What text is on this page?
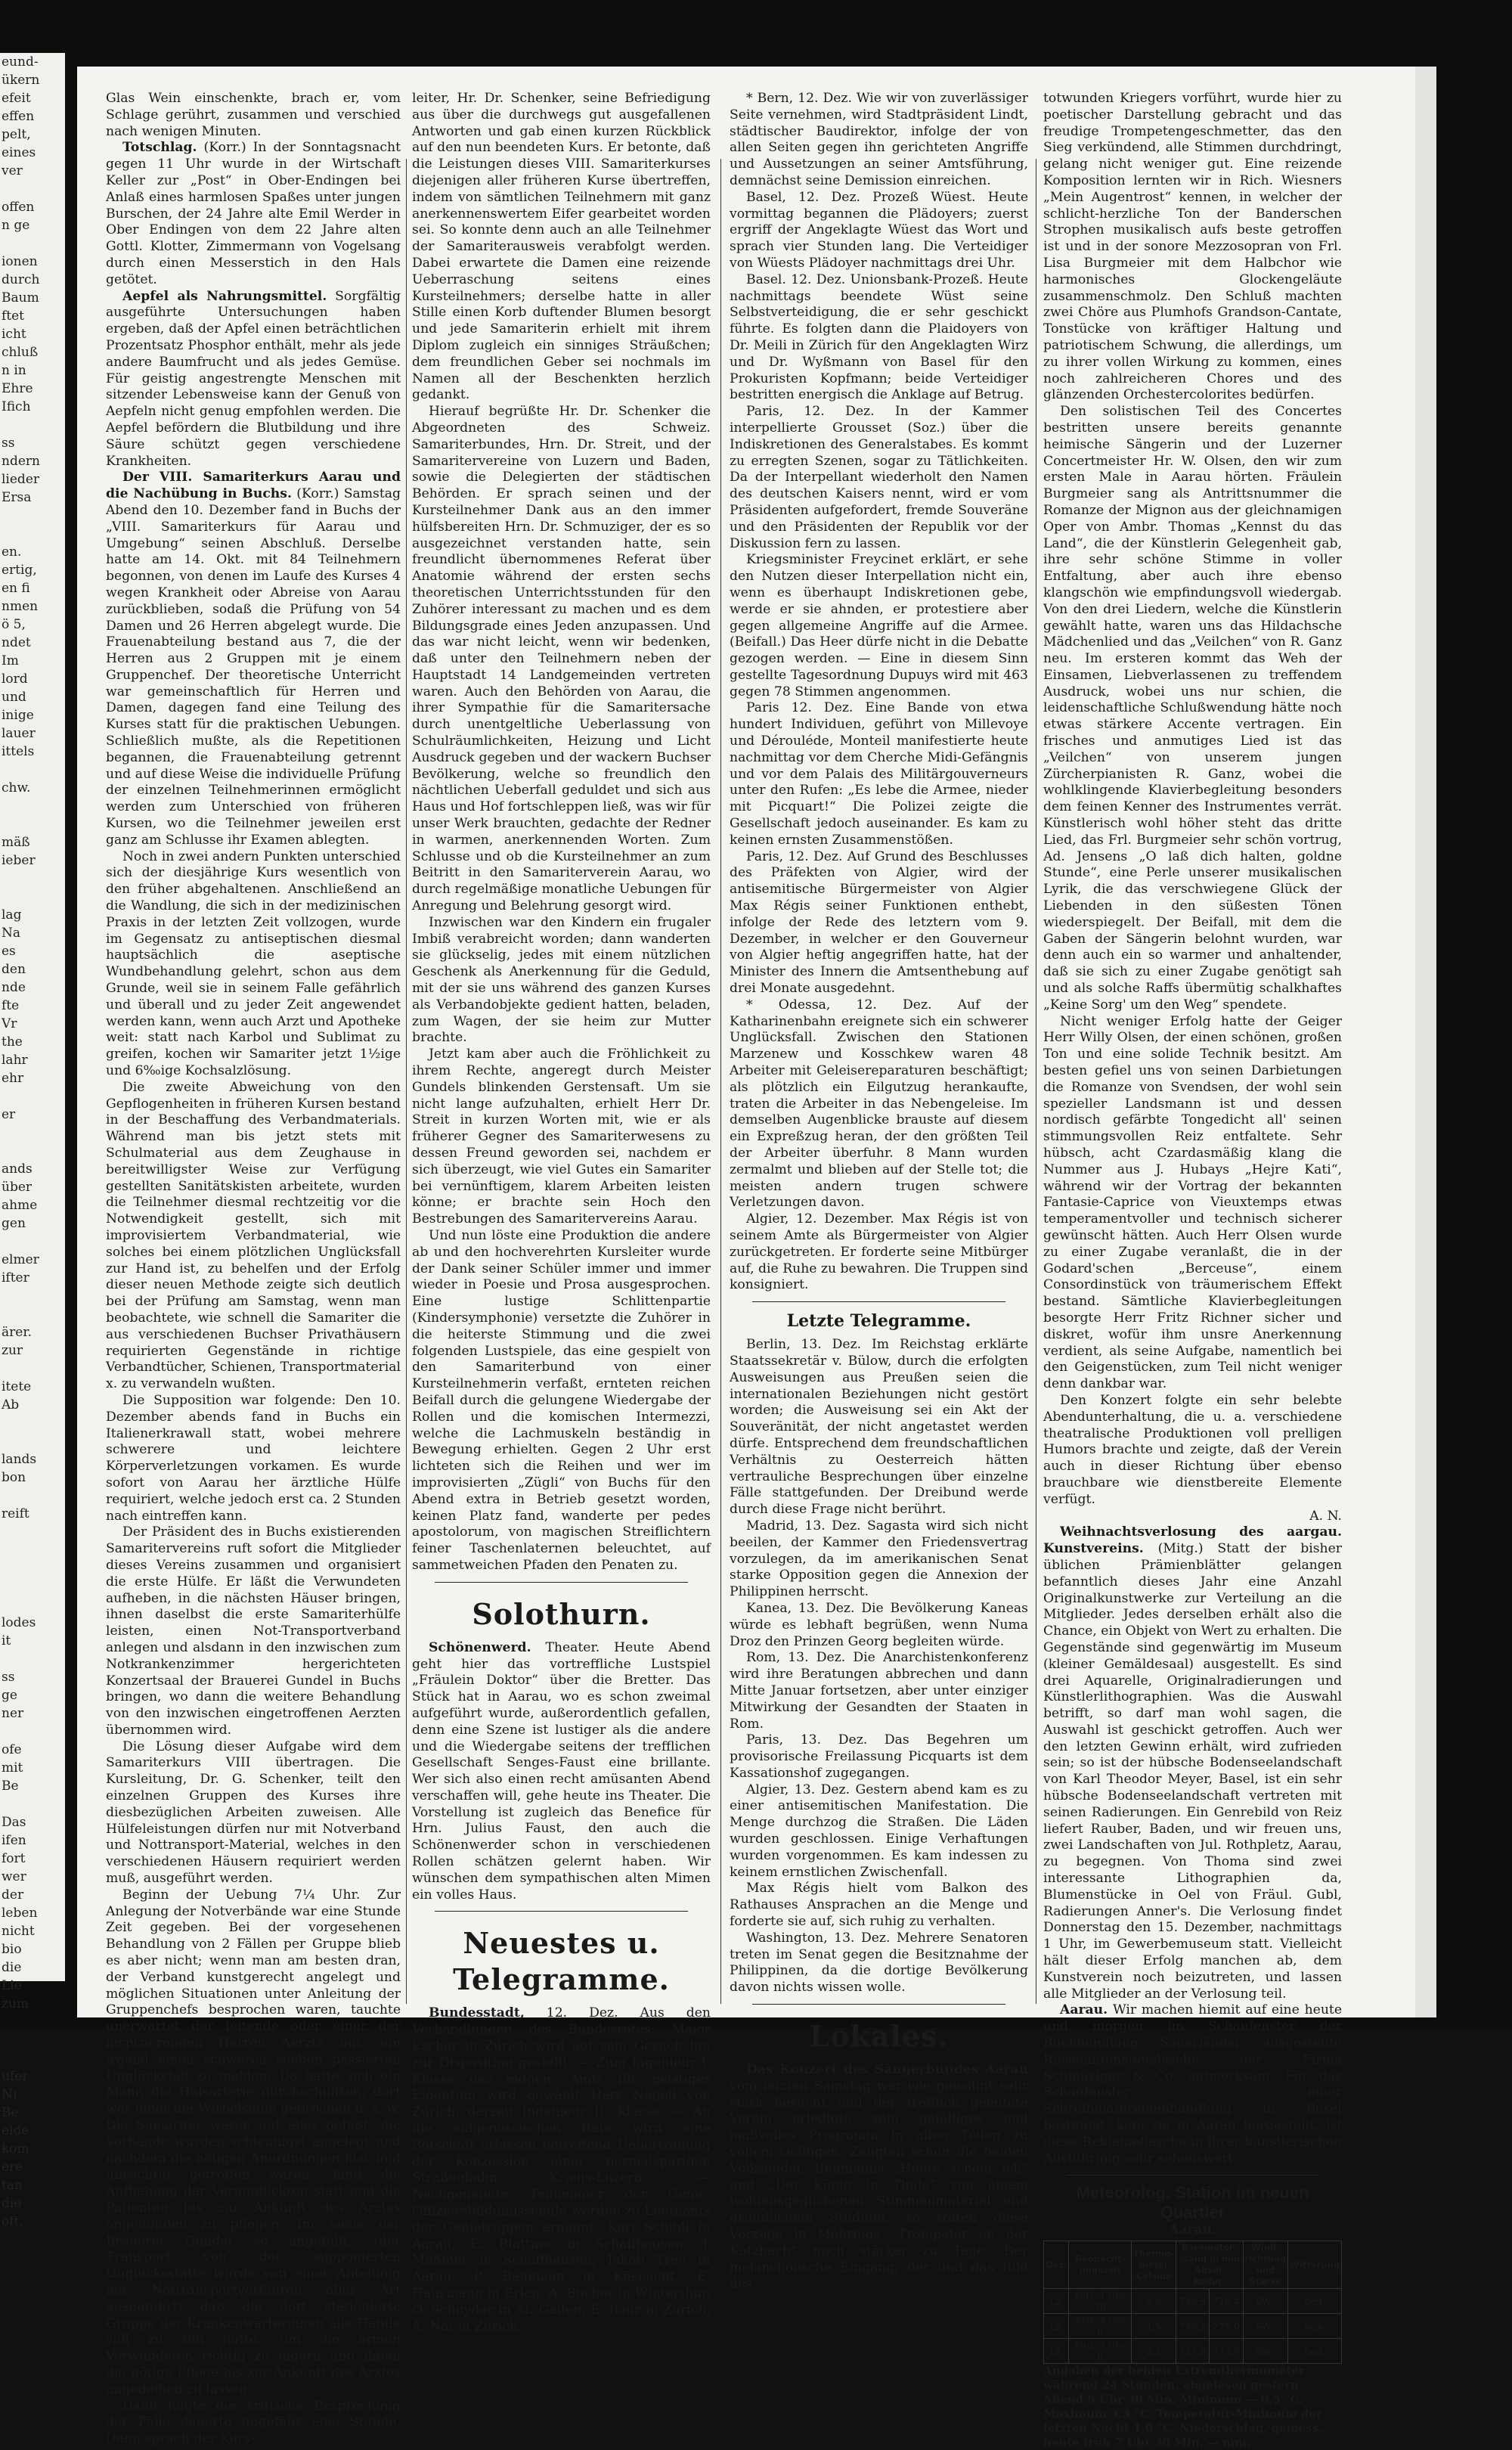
eund-
ükern
efeit
effen
pelt,
eines
ver

offen
n ge

ionen
durch
Baum
ftet
icht
chluß
n in
Ehre
Ifich

ss
ndern
lieder
Ersa

en.
ertig,
en fi
nmen
ö 5,
ndet
Im
lord
und
inige
lauer
ittels

chw.

mäß
ieber

lag
Na
es
den
nde
fte
Vr
the
lahr
ehr

er

ands
über
ahme
gen

elmer
ifter

ärer.
zur

itete
Ab

lands
bon

reift

lodes
it

ss
ge
ner

ofe
mit
Be

Das
ifen
fort
wer
der
leben
nicht
bio
die
Lie
zum

ufer
Ni
Be
elde
kom
ere
tan
die
oft,

Glas Wein einschenkte, brach er, vom Schlage gerührt, zusammen und verschied nach wenigen Minuten.

Totschlag. (Korr.) In der Sonntagsnacht gegen 11 Uhr wurde in der Wirtschaft Keller zur „Post“ in Ober-Endingen bei Anlaß eines harmlosen Spaßes unter jungen Burschen, der 24 Jahre alte Emil Werder in Ober Endingen von dem 22 Jahre alten Gottl. Klotter, Zimmermann von Vogelsang durch einen Messerstich in den Hals getötet.

Aepfel als Nahrungsmittel. Sorgfältig ausgeführte Untersuchungen haben ergeben, daß der Apfel einen beträchtlichen Prozentsatz Phosphor enthält, mehr als jede andere Baumfrucht und als jedes Gemüse. Für geistig angestrengte Menschen mit sitzender Lebensweise kann der Genuß von Aepfeln nicht genug empfohlen werden. Die Aepfel befördern die Blutbildung und ihre Säure schützt gegen verschiedene Krankheiten.

Der VIII. Samariterkurs Aarau und die Nachübung in Buchs. (Korr.) Samstag Abend den 10. Dezember fand in Buchs der „VIII. Samariterkurs für Aarau und Umgebung“ seinen Abschluß. Derselbe hatte am 14. Okt. mit 84 Teilnehmern begonnen, von denen im Laufe des Kurses 4 wegen Krankheit oder Abreise von Aarau zurückblieben, sodaß die Prüfung von 54 Damen und 26 Herren abgelegt wurde. Die Frauenabteilung bestand aus 7, die der Herren aus 2 Gruppen mit je einem Gruppenchef. Der theoretische Unterricht war gemeinschaftlich für Herren und Damen, dagegen fand eine Teilung des Kurses statt für die praktischen Uebungen. Schließlich mußte, als die Repetitionen begannen, die Frauenabteilung getrennt und auf diese Weise die individuelle Prüfung der einzelnen Teilnehmerinnen ermöglicht werden zum Unterschied von früheren Kursen, wo die Teilnehmer jeweilen erst ganz am Schlusse ihr Examen ablegten.

Noch in zwei andern Punkten unterschied sich der diesjährige Kurs wesentlich von den früher abgehaltenen. Anschließend an die Wandlung, die sich in der medizinischen Praxis in der letzten Zeit vollzogen, wurde im Gegensatz zu antiseptischen diesmal hauptsächlich die aseptische Wundbehandlung gelehrt, schon aus dem Grunde, weil sie in seinem Falle gefährlich und überall und zu jeder Zeit angewendet werden kann, wenn auch Arzt und Apotheke weit: statt nach Karbol und Sublimat zu greifen, kochen wir Samariter jetzt 1½ige und 6‰ige Kochsalzlösung.

Die zweite Abweichung von den Gepflogenheiten in früheren Kursen bestand in der Beschaffung des Verbandmaterials. Während man bis jetzt stets mit Schulmaterial aus dem Zeughause in bereitwilligster Weise zur Verfügung gestellten Sanitätskisten arbeitete, wurden die Teilnehmer diesmal rechtzeitig vor die Notwendigkeit gestellt, sich mit improvisiertem Verbandmaterial, wie solches bei einem plötzlichen Unglücksfall zur Hand ist, zu behelfen und der Erfolg dieser neuen Methode zeigte sich deutlich bei der Prüfung am Samstag, wenn man beobachtete, wie schnell die Samariter die aus verschiedenen Buchser Privathäusern requirierten Gegenstände in richtige Verbandtücher, Schienen, Transportmaterial x. zu verwandeln wußten.

Die Supposition war folgende: Den 10. Dezember abends fand in Buchs ein Italienerkrawall statt, wobei mehrere schwerere und leichtere Körperverletzungen vorkamen. Es wurde sofort von Aarau her ärztliche Hülfe requiriert, welche jedoch erst ca. 2 Stunden nach eintreffen kann.

Der Präsident des in Buchs existierenden Samaritervereins ruft sofort die Mitglieder dieses Vereins zusammen und organisiert die erste Hülfe. Er läßt die Verwundeten aufheben, in die nächsten Häuser bringen, ihnen daselbst die erste Samariterhülfe leisten, einen Not-Transportverband anlegen und alsdann in den inzwischen zum Notkrankenzimmer hergerichteten Konzertsaal der Brauerei Gundel in Buchs bringen, wo dann die weitere Behandlung von den inzwischen eingetroffenen Aerzten übernommen wird.

Die Lösung dieser Aufgabe wird dem Samariterkurs VIII übertragen. Die Kursleitung, Dr. G. Schenker, teilt den einzelnen Gruppen des Kurses ihre diesbezüglichen Arbeiten zuweisen. Alle Hülfeleistungen dürfen nur mit Notverband und Nottransport-Material, welches in den verschiedenen Häusern requiriert werden muß, ausgeführt werden.

Beginn der Uebung 7¼ Uhr. Zur Anlegung der Notverbände war eine Stunde Zeit gegeben. Bei der vorgesehenen Behandlung von 2 Fällen per Gruppe blieb es aber nicht; wenn man am besten dran, der Verband kunstgerecht angelegt und möglichen Situationen unter Anleitung der Gruppenchefs besprochen waren, tauchte unerwartet der leitende oder einer der inspizierenden Herren Aerzte auf, um irgend einen schweren soeben passierten Unglücksfall zu melden: Da hatte sich ein Mann die Halsarterie durchschnitten, dort war einer die Wirbelsäule gebrochen u. s. w. Die Samariter waren auf alles gefaßt, die Verbände wurden schleunigst angelegt und nachdem die nötigen Anordnungen klar und umsichtig getroffen waren, fand die Aufhebung der Verunglückten statt und die Patienten bis zur Ankunft des Arztes angebunden zu pflegen. Im Saale der Brauerei Gundel so angefüllt, (der Transport von der supponierten Unglücksstätte wurde von einer Abteilung mit Nottransportverfahren aller Art ausgeführt) daß die dort stationierte Gruppe der Krankenwärterinnen alle Hände voll zu tun hatte, um die armen Verwundeten richtig zu lagern und ihnen die nötige Pflege bis zur Ankunft des Arztes angedeihen zu lassen.

Dann folgte die kritische Besprechung der Fälle dauerte ungefähr eine Stunde. Dann sprach der Kurs-

leiter, Hr. Dr. Schenker, seine Befriedigung aus über die durchwegs gut ausgefallenen Antworten und gab einen kurzen Rückblick auf den nun beendeten Kurs. Er betonte, daß die Leistungen dieses VIII. Samariterkurses diejenigen aller früheren Kurse übertreffen, indem von sämtlichen Teilnehmern mit ganz anerkennenswertem Eifer gearbeitet worden sei. So konnte denn auch an alle Teilnehmer der Samariterausweis verabfolgt werden. Dabei erwartete die Damen eine reizende Ueberraschung seitens eines Kursteilnehmers; derselbe hatte in aller Stille einen Korb duftender Blumen besorgt und jede Samariterin erhielt mit ihrem Diplom zugleich ein sinniges Sträußchen; dem freundlichen Geber sei nochmals im Namen all der Beschenkten herzlich gedankt.

Hierauf begrüßte Hr. Dr. Schenker die Abgeordneten des Schweiz. Samariterbundes, Hrn. Dr. Streit, und der Samaritervereine von Luzern und Baden, sowie die Delegierten der städtischen Behörden. Er sprach seinen und der Kursteilnehmer Dank aus an den immer hülfsbereiten Hrn. Dr. Schmuziger, der es so ausgezeichnet verstanden hatte, sein freundlicht übernommenes Referat über Anatomie während der ersten sechs theoretischen Unterrichtsstunden für den Zuhörer interessant zu machen und es dem Bildungsgrade eines Jeden anzupassen. Und das war nicht leicht, wenn wir bedenken, daß unter den Teilnehmern neben der Hauptstadt 14 Landgemeinden vertreten waren. Auch den Behörden von Aarau, die ihrer Sympathie für die Samaritersache durch unentgeltliche Ueberlassung von Schulräumlichkeiten, Heizung und Licht Ausdruck gegeben und der wackern Buchser Bevölkerung, welche so freundlich den nächtlichen Ueberfall geduldet und sich aus Haus und Hof fortschleppen ließ, was wir für unser Werk brauchten, gedachte der Redner in warmen, anerkennenden Worten. Zum Schlusse und ob die Kursteilnehmer an zum Beitritt in den Samariterverein Aarau, wo durch regelmäßige monatliche Uebungen für Anregung und Belehrung gesorgt wird.

Inzwischen war den Kindern ein frugaler Imbiß verabreicht worden; dann wanderten sie glückselig, jedes mit einem nützlichen Geschenk als Anerkennung für die Geduld, mit der sie uns während des ganzen Kurses als Verbandobjekte gedient hatten, beladen, zum Wagen, der sie heim zur Mutter brachte.

Jetzt kam aber auch die Fröhlichkeit zu ihrem Rechte, angeregt durch Meister Gundels blinkenden Gerstensaft. Um sie nicht lange aufzuhalten, erhielt Herr Dr. Streit in kurzen Worten mit, wie er als früherer Gegner des Samariterwesens zu dessen Freund geworden sei, nachdem er sich überzeugt, wie viel Gutes ein Samariter bei vernünftigem, klarem Arbeiten leisten könne; er brachte sein Hoch den Bestrebungen des Samaritervereins Aarau.

Und nun löste eine Produktion die andere ab und den hochverehrten Kursleiter wurde der Dank seiner Schüler immer und immer wieder in Poesie und Prosa ausgesprochen. Eine lustige Schlittenpartie (Kindersymphonie) versetzte die Zuhörer in die heiterste Stimmung und die zwei folgenden Lustspiele, das eine gespielt von den Samariterbund von einer Kursteilnehmerin verfaßt, ernteten reichen Beifall durch die gelungene Wiedergabe der Rollen und die komischen Intermezzi, welche die Lachmuskeln beständig in Bewegung erhielten. Gegen 2 Uhr erst lichteten sich die Reihen und wer im improvisierten „Zügli“ von Buchs für den Abend extra in Betrieb gesetzt worden, keinen Platz fand, wanderte per pedes apostolorum, von magischen Streiflichtern feiner Taschenlaternen beleuchtet, auf sammetweichen Pfaden den Penaten zu.

Solothurn.

Schönenwerd. Theater. Heute Abend geht hier das vortreffliche Lustspiel „Fräulein Doktor“ über die Bretter. Das Stück hat in Aarau, wo es schon zweimal aufgeführt wurde, außerordentlich gefallen, denn eine Szene ist lustiger als die andere und die Wiedergabe seitens der trefflichen Gesellschaft Senges-Faust eine brillante. Wer sich also einen recht amüsanten Abend verschaffen will, gehe heute ins Theater. Die Vorstellung ist zugleich das Benefice für Hrn. Julius Faust, den auch die Schönenwerder schon in verschiedenen Rollen schätzen gelernt haben. Wir wünschen dem sympathischen alten Mimen ein volles Haus.

Neuestes u. Telegramme.

Bundesstadt, 12. Dez. Aus den Verhandlungen des Bundesrates. Major Escher in Zürich wird auf sein Gesuch hin zur Disposition gestellt. — Zum Ingenieur I. Klasse des eidgen. Amts für geistiges Eigentum wird gewählt Herr Nägeli von Zürich, derzeit Ingenieur II. Klasse. — An die eidgenössischen Räte wird eine Botschaft erlassen betreffend Uebertragung der Konzession einer normalspurigen Straßenbahn Kriens-Luzern. — Nachgenannte Teilnehmer der Genie-Offiziersbildungsschule werden zu Leutnants der Genietruppen ernannt: Karl Schibli in Aarau, E. Blattner in Schaffhausen, J. Meßmer in Schaffhausen, Jakob Treu in Aarau, P. Baumann in Küsnacht, E. Hausmann in Erlen, A. Bucher in Winterthur, O. Schnyder in St. Gallen, E. Baur in Zürich, A. Näf in Zürich.

* Bern, 12. Dez. Wie wir von zuverlässiger Seite vernehmen, wird Stadtpräsident Lindt, städtischer Baudirektor, infolge der von allen Seiten gegen ihn gerichteten Angriffe und Aussetzungen an seiner Amtsführung, demnächst seine Demission einreichen.

Basel, 12. Dez. Prozeß Wüest. Heute vormittag begannen die Plädoyers; zuerst ergriff der Angeklagte Wüest das Wort und sprach vier Stunden lang. Die Verteidiger von Wüests Plädoyer nachmittags drei Uhr.

Basel. 12. Dez. Unionsbank-Prozeß. Heute nachmittags beendete Wüst seine Selbstverteidigung, die er sehr geschickt führte. Es folgten dann die Plaidoyers von Dr. Meili in Zürich für den Angeklagten Wirz und Dr. Wyßmann von Basel für den Prokuristen Kopfmann; beide Verteidiger bestritten energisch die Anklage auf Betrug.

Paris, 12. Dez. In der Kammer interpellierte Grousset (Soz.) über die Indiskretionen des Generalstabes. Es kommt zu erregten Szenen, sogar zu Tätlichkeiten. Da der Interpellant wiederholt den Namen des deutschen Kaisers nennt, wird er vom Präsidenten aufgefordert, fremde Souveräne und den Präsidenten der Republik vor der Diskussion fern zu lassen.

Kriegsminister Freycinet erklärt, er sehe den Nutzen dieser Interpellation nicht ein, wenn es überhaupt Indiskretionen gebe, werde er sie ahnden, er protestiere aber gegen allgemeine Angriffe auf die Armee. (Beifall.) Das Heer dürfe nicht in die Debatte gezogen werden. — Eine in diesem Sinn gestellte Tagesordnung Dupuys wird mit 463 gegen 78 Stimmen angenommen.

Paris 12. Dez. Eine Bande von etwa hundert Individuen, geführt von Millevoye und Dérouléde, Monteil manifestierte heute nachmittag vor dem Cherche Midi-Gefängnis und vor dem Palais des Militärgouverneurs unter den Rufen: „Es lebe die Armee, nieder mit Picquart!“ Die Polizei zeigte die Gesellschaft jedoch auseinander. Es kam zu keinen ernsten Zusammenstößen.

Paris, 12. Dez. Auf Grund des Beschlusses des Präfekten von Algier, wird der antisemitische Bürgermeister von Algier Max Régis seiner Funktionen enthebt, infolge der Rede des letztern vom 9. Dezember, in welcher er den Gouverneur von Algier heftig angegriffen hatte, hat der Minister des Innern die Amtsenthebung auf drei Monate ausgedehnt.

* Odessa, 12. Dez. Auf der Katharinenbahn ereignete sich ein schwerer Unglücksfall. Zwischen den Stationen Marzenew und Kosschkew waren 48 Arbeiter mit Geleisereparaturen beschäftigt; als plötzlich ein Eilgutzug herankaufte, traten die Arbeiter in das Nebengeleise. Im demselben Augenblicke brauste auf diesem ein Expreßzug heran, der den größten Teil der Arbeiter überfuhr. 8 Mann wurden zermalmt und blieben auf der Stelle tot; die meisten andern trugen schwere Verletzungen davon.

Algier, 12. Dezember. Max Régis ist von seinem Amte als Bürgermeister von Algier zurückgetreten. Er forderte seine Mitbürger auf, die Ruhe zu bewahren. Die Truppen sind konsigniert.

Letzte Telegramme.

Berlin, 13. Dez. Im Reichstag erklärte Staatssekretär v. Bülow, durch die erfolgten Ausweisungen aus Preußen seien die internationalen Beziehungen nicht gestört worden; die Ausweisung sei ein Akt der Souveränität, der nicht angetastet werden dürfe. Entsprechend dem freundschaftlichen Verhältnis zu Oesterreich hätten vertrauliche Besprechungen über einzelne Fälle stattgefunden. Der Dreibund werde durch diese Frage nicht berührt.

Madrid, 13. Dez. Sagasta wird sich nicht beeilen, der Kammer den Friedensvertrag vorzulegen, da im amerikanischen Senat starke Opposition gegen die Annexion der Philippinen herrscht.

Kanea, 13. Dez. Die Bevölkerung Kaneas würde es lebhaft begrüßen, wenn Numa Droz den Prinzen Georg begleiten würde.

Rom, 13. Dez. Die Anarchistenkonferenz wird ihre Beratungen abbrechen und dann Mitte Januar fortsetzen, aber unter einziger Mitwirkung der Gesandten der Staaten in Rom.

Paris, 13. Dez. Das Begehren um provisorische Freilassung Picquarts ist dem Kassationshof zugegangen.

Algier, 13. Dez. Gestern abend kam es zu einer antisemitischen Manifestation. Die Menge durchzog die Straßen. Die Läden wurden geschlossen. Einige Verhaftungen wurden vorgenommen. Es kam indessen zu keinem ernstlichen Zwischenfall.

Max Régis hielt vom Balkon des Rathauses Ansprachen an die Menge und forderte sie auf, sich ruhig zu verhalten.

Washington, 13. Dez. Mehrere Senatoren treten im Senat gegen die Besitznahme der Philippinen, da die dortige Bevölkerung davon nichts wissen wolle.

Lokales.

Das Konzert des Sängerbundes Aarau vom letzten Samstag war wie gewohnt sehr stark besucht und der trefflich geleitete Verein erledigte sein gefälliges und maßvolles Programm in allen Teilen zu vollem Gelingen. Zeugten schon die beiden Volkslieder, Ifenmanns „Heute scheid ich“ und „Der König in Thule“ von einem wohlausgeglichenen Stimmenmaterial und gründlichem Studium, so traten diese Vorzüge in Möhrings „Trompeter an der Katzbach“ noch stärker zu Tage. Der melancholische Eingang, der und das Bild des

totwunden Kriegers vorführt, wurde hier zu poetischer Darstellung gebracht und das freudige Trompetengeschmetter, das den Sieg verkündend, alle Stimmen durchdringt, gelang nicht weniger gut. Eine reizende Komposition lernten wir in Rich. Wiesners „Mein Augentrost“ kennen, in welcher der schlicht-herzliche Ton der Banderschen Strophen musikalisch aufs beste getroffen ist und in der sonore Mezzosopran von Frl. Lisa Burgmeier mit dem Halbchor wie harmonisches Glockengeläute zusammenschmolz. Den Schluß machten zwei Chöre aus Plumhofs Grandson-Cantate, Tonstücke von kräftiger Haltung und patriotischem Schwung, die allerdings, um zu ihrer vollen Wirkung zu kommen, eines noch zahlreicheren Chores und des glänzenden Orchestercolorites bedürfen.

Den solistischen Teil des Concertes bestritten unsere bereits genannte heimische Sängerin und der Luzerner Concertmeister Hr. W. Olsen, den wir zum ersten Male in Aarau hörten. Fräulein Burgmeier sang als Antrittsnummer die Romanze der Mignon aus der gleichnamigen Oper von Ambr. Thomas „Kennst du das Land“, die der Künstlerin Gelegenheit gab, ihre sehr schöne Stimme in voller Entfaltung, aber auch ihre ebenso klangschön wie empfindungsvoll wiedergab. Von den drei Liedern, welche die Künstlerin gewählt hatte, waren uns das Hildachsche Mädchenlied und das „Veilchen“ von R. Ganz neu. Im ersteren kommt das Weh der Einsamen, Liebverlassenen zu treffendem Ausdruck, wobei uns nur schien, die leidenschaftliche Schlußwendung hätte noch etwas stärkere Accente vertragen. Ein frisches und anmutiges Lied ist das „Veilchen“ von unserem jungen Zürcherpianisten R. Ganz, wobei die wohlklingende Klavierbegleitung besonders dem feinen Kenner des Instrumentes verrät. Künstlerisch wohl höher steht das dritte Lied, das Frl. Burgmeier sehr schön vortrug, Ad. Jensens „O laß dich halten, goldne Stunde“, eine Perle unserer musikalischen Lyrik, die das verschwiegene Glück der Liebenden in den süßesten Tönen wiederspiegelt. Der Beifall, mit dem die Gaben der Sängerin belohnt wurden, war denn auch ein so warmer und anhaltender, daß sie sich zu einer Zugabe genötigt sah und als solche Raffs übermütig schalkhaftes „Keine Sorg' um den Weg“ spendete.

Nicht weniger Erfolg hatte der Geiger Herr Willy Olsen, der einen schönen, großen Ton und eine solide Technik besitzt. Am besten gefiel uns von seinen Darbietungen die Romanze von Svendsen, der wohl sein spezieller Landsmann ist und dessen nordisch gefärbte Tongedicht all' seinen stimmungsvollen Reiz entfaltete. Sehr hübsch, acht Czardasmäßig klang die Nummer aus J. Hubays „Hejre Kati“, während wir der Vortrag der bekannten Fantasie-Caprice von Vieuxtemps etwas temperamentvoller und technisch sicherer gewünscht hätten. Auch Herr Olsen wurde zu einer Zugabe veranlaßt, die in der Godard'schen „Berceuse“, einem Consordinstück von träumerischem Effekt bestand. Sämtliche Klavierbegleitungen besorgte Herr Fritz Richner sicher und diskret, wofür ihm unsre Anerkennung verdient, als seine Aufgabe, namentlich bei den Geigenstücken, zum Teil nicht weniger denn dankbar war.

Den Konzert folgte ein sehr belebte Abendunterhaltung, die u. a. verschiedene theatralische Produktionen voll prelligen Humors brachte und zeigte, daß der Verein auch in dieser Richtung über ebenso brauchbare wie dienstbereite Elemente verfügt.

A. N.

Weihnachtsverlosung des aargau. Kunstvereins. (Mitg.) Statt der bisher üblichen Prämienblätter gelangen befanntlich dieses Jahr eine Anzahl Originalkunstwerke zur Verteilung an die Mitglieder. Jedes derselben erhält also die Chance, ein Objekt von Wert zu erhalten. Die Gegenstände sind gegenwärtig im Museum (kleiner Gemäldesaal) ausgestellt. Es sind drei Aquarelle, Originalradierungen und Künstlerlithographien. Was die Auswahl betrifft, so darf man wohl sagen, die Auswahl ist geschickt getroffen. Auch wer den letzten Gewinn erhält, wird zufrieden sein; so ist der hübsche Bodenseelandschaft von Karl Theodor Meyer, Basel, ist ein sehr hübsche Bodenseelandschaft vertreten mit seinen Radierungen. Ein Genrebild von Reiz liefert Rauber, Baden, und wir freuen uns, zwei Landschaften von Jul. Rothpletz, Aarau, zu begegnen. Von Thoma sind zwei interessante Lithographien da, Blumenstücke in Oel von Fräul. Gubl, Radierungen Anner's. Die Verlosung findet Donnerstag den 15. Dezember, nachmittags 1 Uhr, im Gewerbemuseum statt. Vielleicht hält dieser Erfolg manchen ab, dem Kunstverein noch beizutreten, und lassen alle Mitglieder an der Verlosung teil.

Aarau. Wir machen hiemit auf eine heute und morgen im Schaufenster der Buchhandlung Sauerländer ausgestellte Riesenintensitätslasche der Firma Schmuziger & Co. aufmerksam. Für das Schaufenster einer Schreibmaterialienhandlung in Basel bestimmt, kam sie in Aarau hergestellt, ist diese Reklameflasche in ihrer künstlerischen Ausführung sehr sehenswert.

Meteorolog. Station im neuen Quartier
Aarau.
Dez.	Beobacht-
ungszeit	Thermo-
meter
Celsius	Barometer-
stand in mm
Absol. Reduc.		Wind-
richtung
und
Stärke	Witterung
12.	Mitt. 1 Uhr 30	0,9	739,5	776,4	SW₀	bed.
12.	Abd. 9 Uhr 0	1,5	738,1	775,0	SW₀	bew.
13.	Mrg. 7 Uhr 0	2,3	737,9	773,9	SW₀	bed.
Angaben der beiden Extremthermometer während 24 Stunden, abgelesen gestern Abend 9 Uhr 30 Min. Minimum — 0,5 °C. Maximum 3,3 °C. Temperatur-Minimum der letzten Nacht 1,0 °C. Niederschlag, gemess. heute früh 7 Uhr 30 Min. — mm.
